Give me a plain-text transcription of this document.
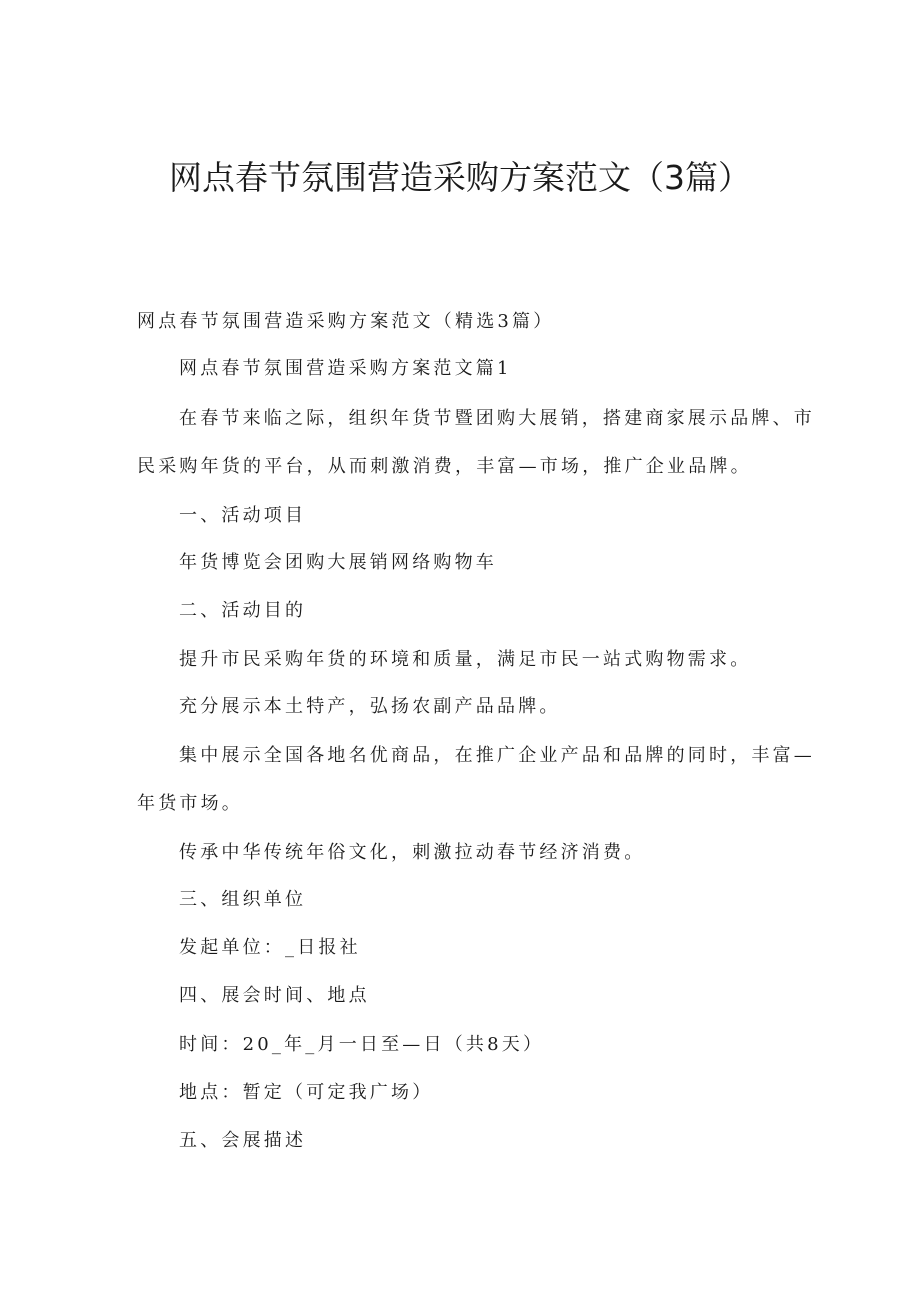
网点春节氛围营造采购方案范文（3篇）
网点春节氛围营造采购方案范文（精选3篇）
网点春节氛围营造采购方案范文篇1
在春节来临之际，组织年货节暨团购大展销，搭建商家展示品牌、市
民采购年货的平台，从而刺激消费，丰富—市场，推广企业品牌。
一、活动项目
年货博览会团购大展销网络购物车
二、活动目的
提升市民采购年货的环境和质量，满足市民一站式购物需求。
充分展示本土特产，弘扬农副产品品牌。
集中展示全国各地名优商品，在推广企业产品和品牌的同时，丰富—
年货市场。
传承中华传统年俗文化，刺激拉动春节经济消费。
三、组织单位
发起单位：_日报社
四、展会时间、地点
时间：20_年_月一日至—日（共8天）
地点：暂定（可定我广场）
五、会展描述
